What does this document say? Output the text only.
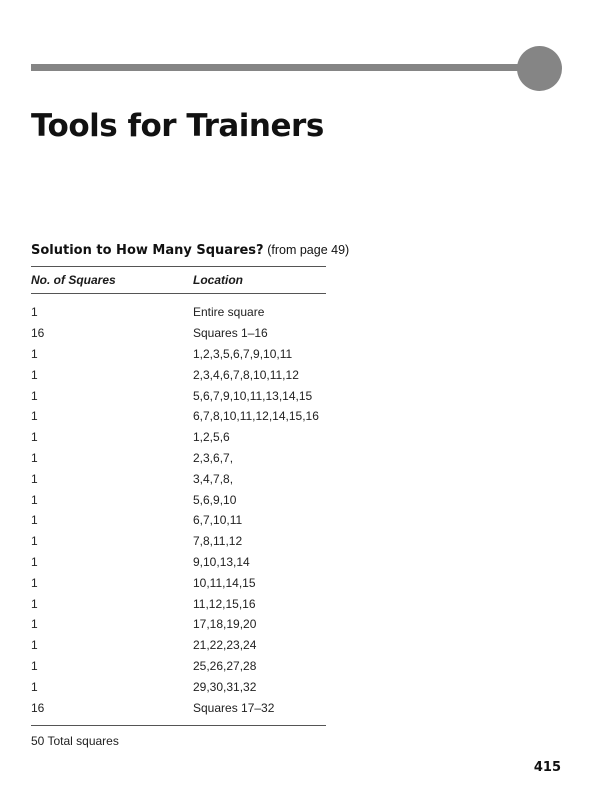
Tools for Trainers
Solution to How Many Squares? (from page 49)
No. of Squares	Location
1	Entire square
16	Squares 1–16
1	1,2,3,5,6,7,9,10,11
1	2,3,4,6,7,8,10,11,12
1	5,6,7,9,10,11,13,14,15
1	6,7,8,10,11,12,14,15,16
1	1,2,5,6
1	2,3,6,7,
1	3,4,7,8,
1	5,6,9,10
1	6,7,10,11
1	7,8,11,12
1	9,10,13,14
1	10,11,14,15
1	11,12,15,16
1	17,18,19,20
1	21,22,23,24
1	25,26,27,28
1	29,30,31,32
16	Squares 17–32
50 Total squares
415
